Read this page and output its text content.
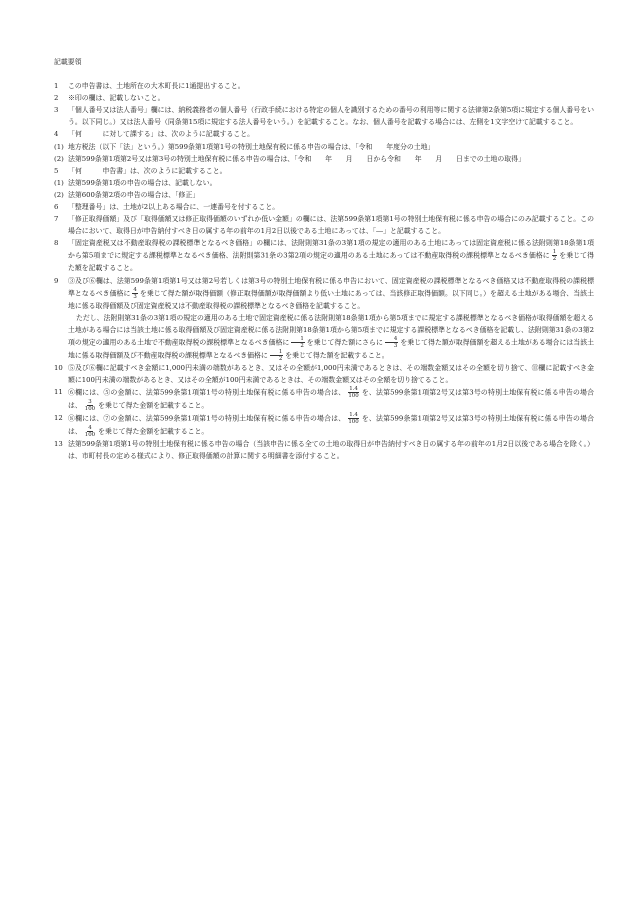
記載要領
1	この申告書は、土地所在の大木町長に1通提出すること。
2	※印の欄は、記載しないこと。
3	「個人番号又は法人番号」欄には、納税義務者の個人番号（行政手続における特定の個人を識別するための番号の利用等に関する法律第2条第5項に規定する個人番号をいう。以下同じ。）又は法人番号（同条第15項に規定する法人番号をいう。）を記載すること。なお、個人番号を記載する場合には、左側を1文字空けて記載すること。
4	「何　　　に対して課する」は、次のように記載すること。
(1) 地方税法（以下「法」という。）第599条第1項第1号の特別土地保有税に係る申告の場合は、「令和　　年度分の土地」
(2) 法第599条第1項第2号又は第3号の特別土地保有税に係る申告の場合は、「令和　　年　　月　　日から令和　　年　　月　　日までの土地の取得」
5	「何　　　申告書」は、次のように記載すること。
(1) 法第599条第1項の申告の場合は、記載しない。
(2) 法第600条第2項の申告の場合は、「修正」
6	「整理番号」は、土地が2以上ある場合に、一連番号を付すること。
7	「修正取得価額」及び「取得価額又は修正取得価額のいずれか低い金額」の欄には、法第599条第1項第1号の特別土地保有税に係る申告の場合にのみ記載すること。この場合において、取得日が申告納付すべき日の属する年の前年の1月2日以後である土地にあっては、「―」と記載すること。
8	「固定資産税又は不動産取得税の課税標準となるべき価格」の欄には、法附則第31条の3第1項の規定の適用のある土地にあっては固定資産税に係る法附則第18条第1項から第5項までに規定する課税標準となるべき価格、法附則第31条の3第2項の規定の適用のある土地にあっては不動産取得税の課税標準となるべき価格に $\frac{1}{2}$ を乗じて得た額を記載すること。
9	③及び⑥欄は、法第599条第1項第1号又は第2号若しくは第3号の特別土地保有税に係る申告において、固定資産税の課税標準となるべき価格又は不動産取得税の課税標準となるべき価格に $\frac{4}{3}$ を乗じて得た額が取得価額（修正取得価額が取得価額より低い土地にあっては、当該修正取得価額。以下同じ。）を超える土地がある場合、当該土地に係る取得価額及び固定資産税又は不動産取得税の課税標準となるべき価格を記載すること。
ただし、法附則第31条の3第1項の規定の適用のある土地で固定資産税に係る法附則第18条第1項から第5項までに規定する課税標準となるべき価格が取得価額を超える土地がある場合には当該土地に係る取得価額及び固定資産税に係る法附則第18条第1項から第5項までに規定する課税標準となるべき価格を記載し、法附則第31条の3第2項の規定の適用のある土地で不動産取得税の課税標準となるべき価格に $\frac{1}{2}$ を乗じて得た額にさらに $\frac{4}{3}$ を乗じて得た額が取得価額を超える土地がある場合には当該土地に係る取得価額及び不動産取得税の課税標準となるべき価格に $\frac{1}{2}$ を乗じて得た額を記載すること。
10 ⑤及び⑥欄に記載すべき金額に1,000円未満の端数があるとき、又はその全額が1,000円未満であるときは、その端数金額又はその全額を切り捨て、⑪欄に記載すべき金額に100円未満の端数があるとき、又はその全額が100円未満であるときは、その端数金額又はその全額を切り捨てること。
11 ⑥欄には、⑤の金額に、法第599条第1項第1号の特別土地保有税に係る申告の場合は、 $\frac{1.4}{100}$ を、法第599条第1項第2号又は第3号の特別土地保有税に係る申告の場合は、 $\frac{3}{100}$ を乗じて得た金額を記載すること。
12 ⑧欄には、⑦の金額に、法第599条第1項第1号の特別土地保有税に係る申告の場合は、 $\frac{1.4}{100}$ を、法第599条第1項第2号又は第3号の特別土地保有税に係る申告の場合は、 $\frac{4}{100}$ を乗じて得た金額を記載すること。
13 法第599条第1項第1号の特別土地保有税に係る申告の場合（当該申告に係る全ての土地の取得日が申告納付すべき日の属する年の前年の1月2日以後である場合を除く。）は、市町村長の定める様式により、修正取得価額の計算に関する明細書を添付すること。
